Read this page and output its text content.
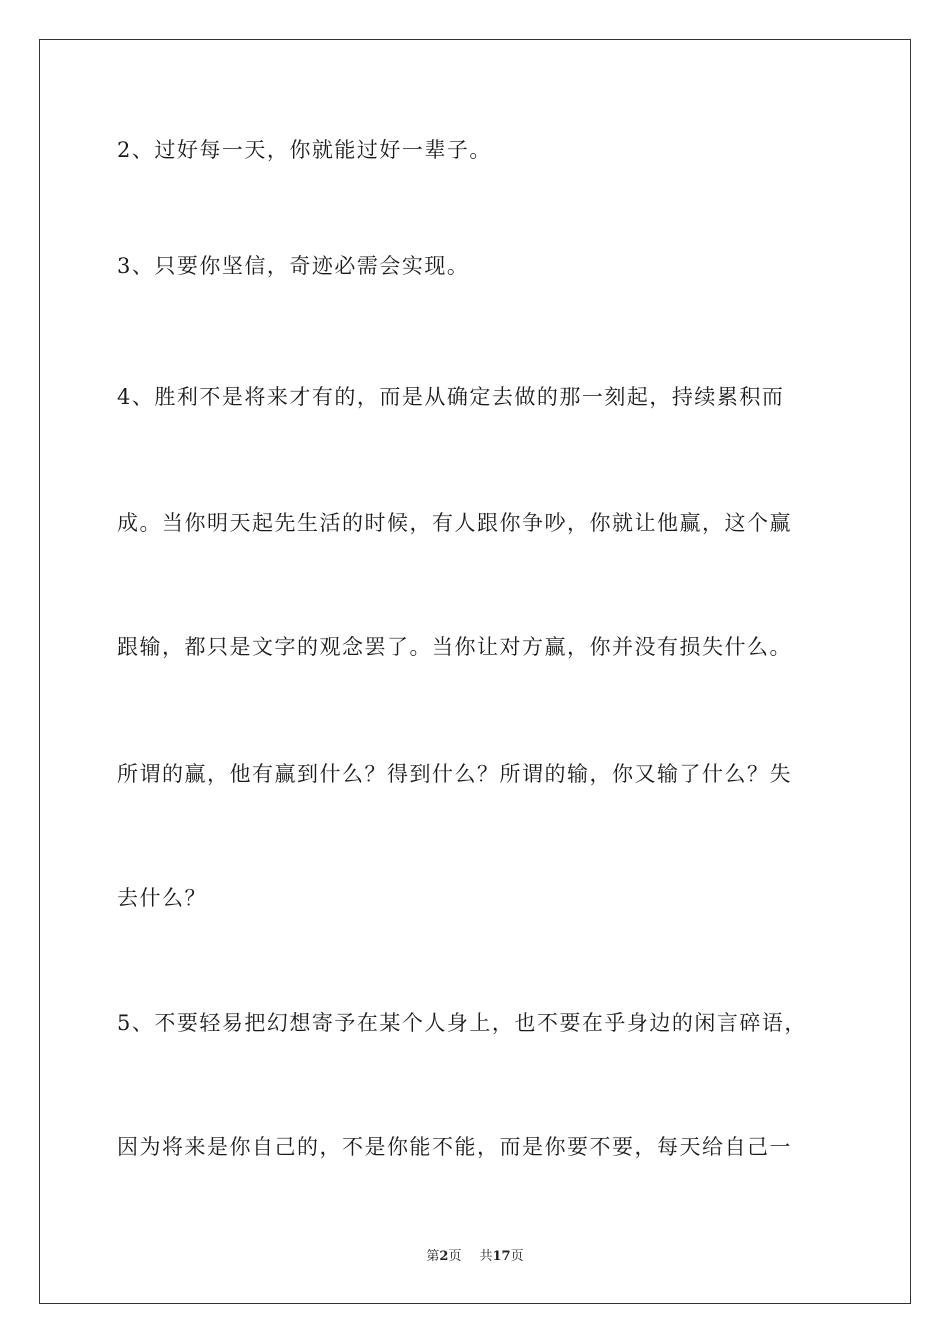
2、过好每一天，你就能过好一辈子。
3、只要你坚信，奇迹必需会实现。
4、胜利不是将来才有的，而是从确定去做的那一刻起，持续累积而
成。当你明天起先生活的时候，有人跟你争吵，你就让他赢，这个赢
跟输，都只是文字的观念罢了。当你让对方赢，你并没有损失什么。
所谓的赢，他有赢到什么？得到什么？所谓的输，你又输了什么？失
去什么？
5、不要轻易把幻想寄予在某个人身上，也不要在乎身边的闲言碎语，
因为将来是你自己的，不是你能不能，而是你要不要，每天给自己一
第2页 共17页
